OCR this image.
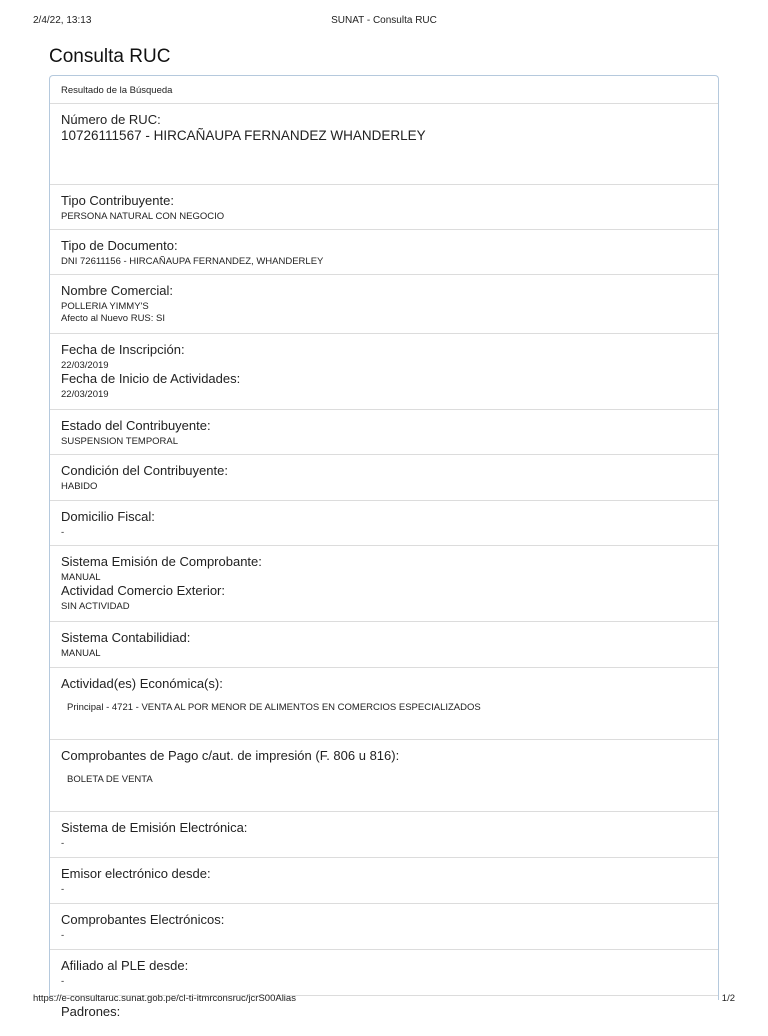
2/4/22, 13:13	SUNAT - Consulta RUC
Consulta RUC
Resultado de la Búsqueda
Número de RUC:
10726111567 - HIRCAÑAUPA FERNANDEZ WHANDERLEY
Tipo Contribuyente:
PERSONA NATURAL CON NEGOCIO
Tipo de Documento:
DNI 72611156 - HIRCAÑAUPA FERNANDEZ, WHANDERLEY
Nombre Comercial:
POLLERIA YIMMY'S
Afecto al Nuevo RUS: SI
Fecha de Inscripción:
22/03/2019
Fecha de Inicio de Actividades:
22/03/2019
Estado del Contribuyente:
SUSPENSION TEMPORAL
Condición del Contribuyente:
HABIDO
Domicilio Fiscal:
-
Sistema Emisión de Comprobante:
MANUAL
Actividad Comercio Exterior:
SIN ACTIVIDAD
Sistema Contabilidiad:
MANUAL
Actividad(es) Económica(s):
Principal - 4721 - VENTA AL POR MENOR DE ALIMENTOS EN COMERCIOS ESPECIALIZADOS
Comprobantes de Pago c/aut. de impresión (F. 806 u 816):
BOLETA DE VENTA
Sistema de Emisión Electrónica:
-
Emisor electrónico desde:
-
Comprobantes Electrónicos:
-
Afiliado al PLE desde:
-
Padrones:
https://e-consultaruc.sunat.gob.pe/cl-ti-itmrconsruc/jcrS00Alias	1/2
